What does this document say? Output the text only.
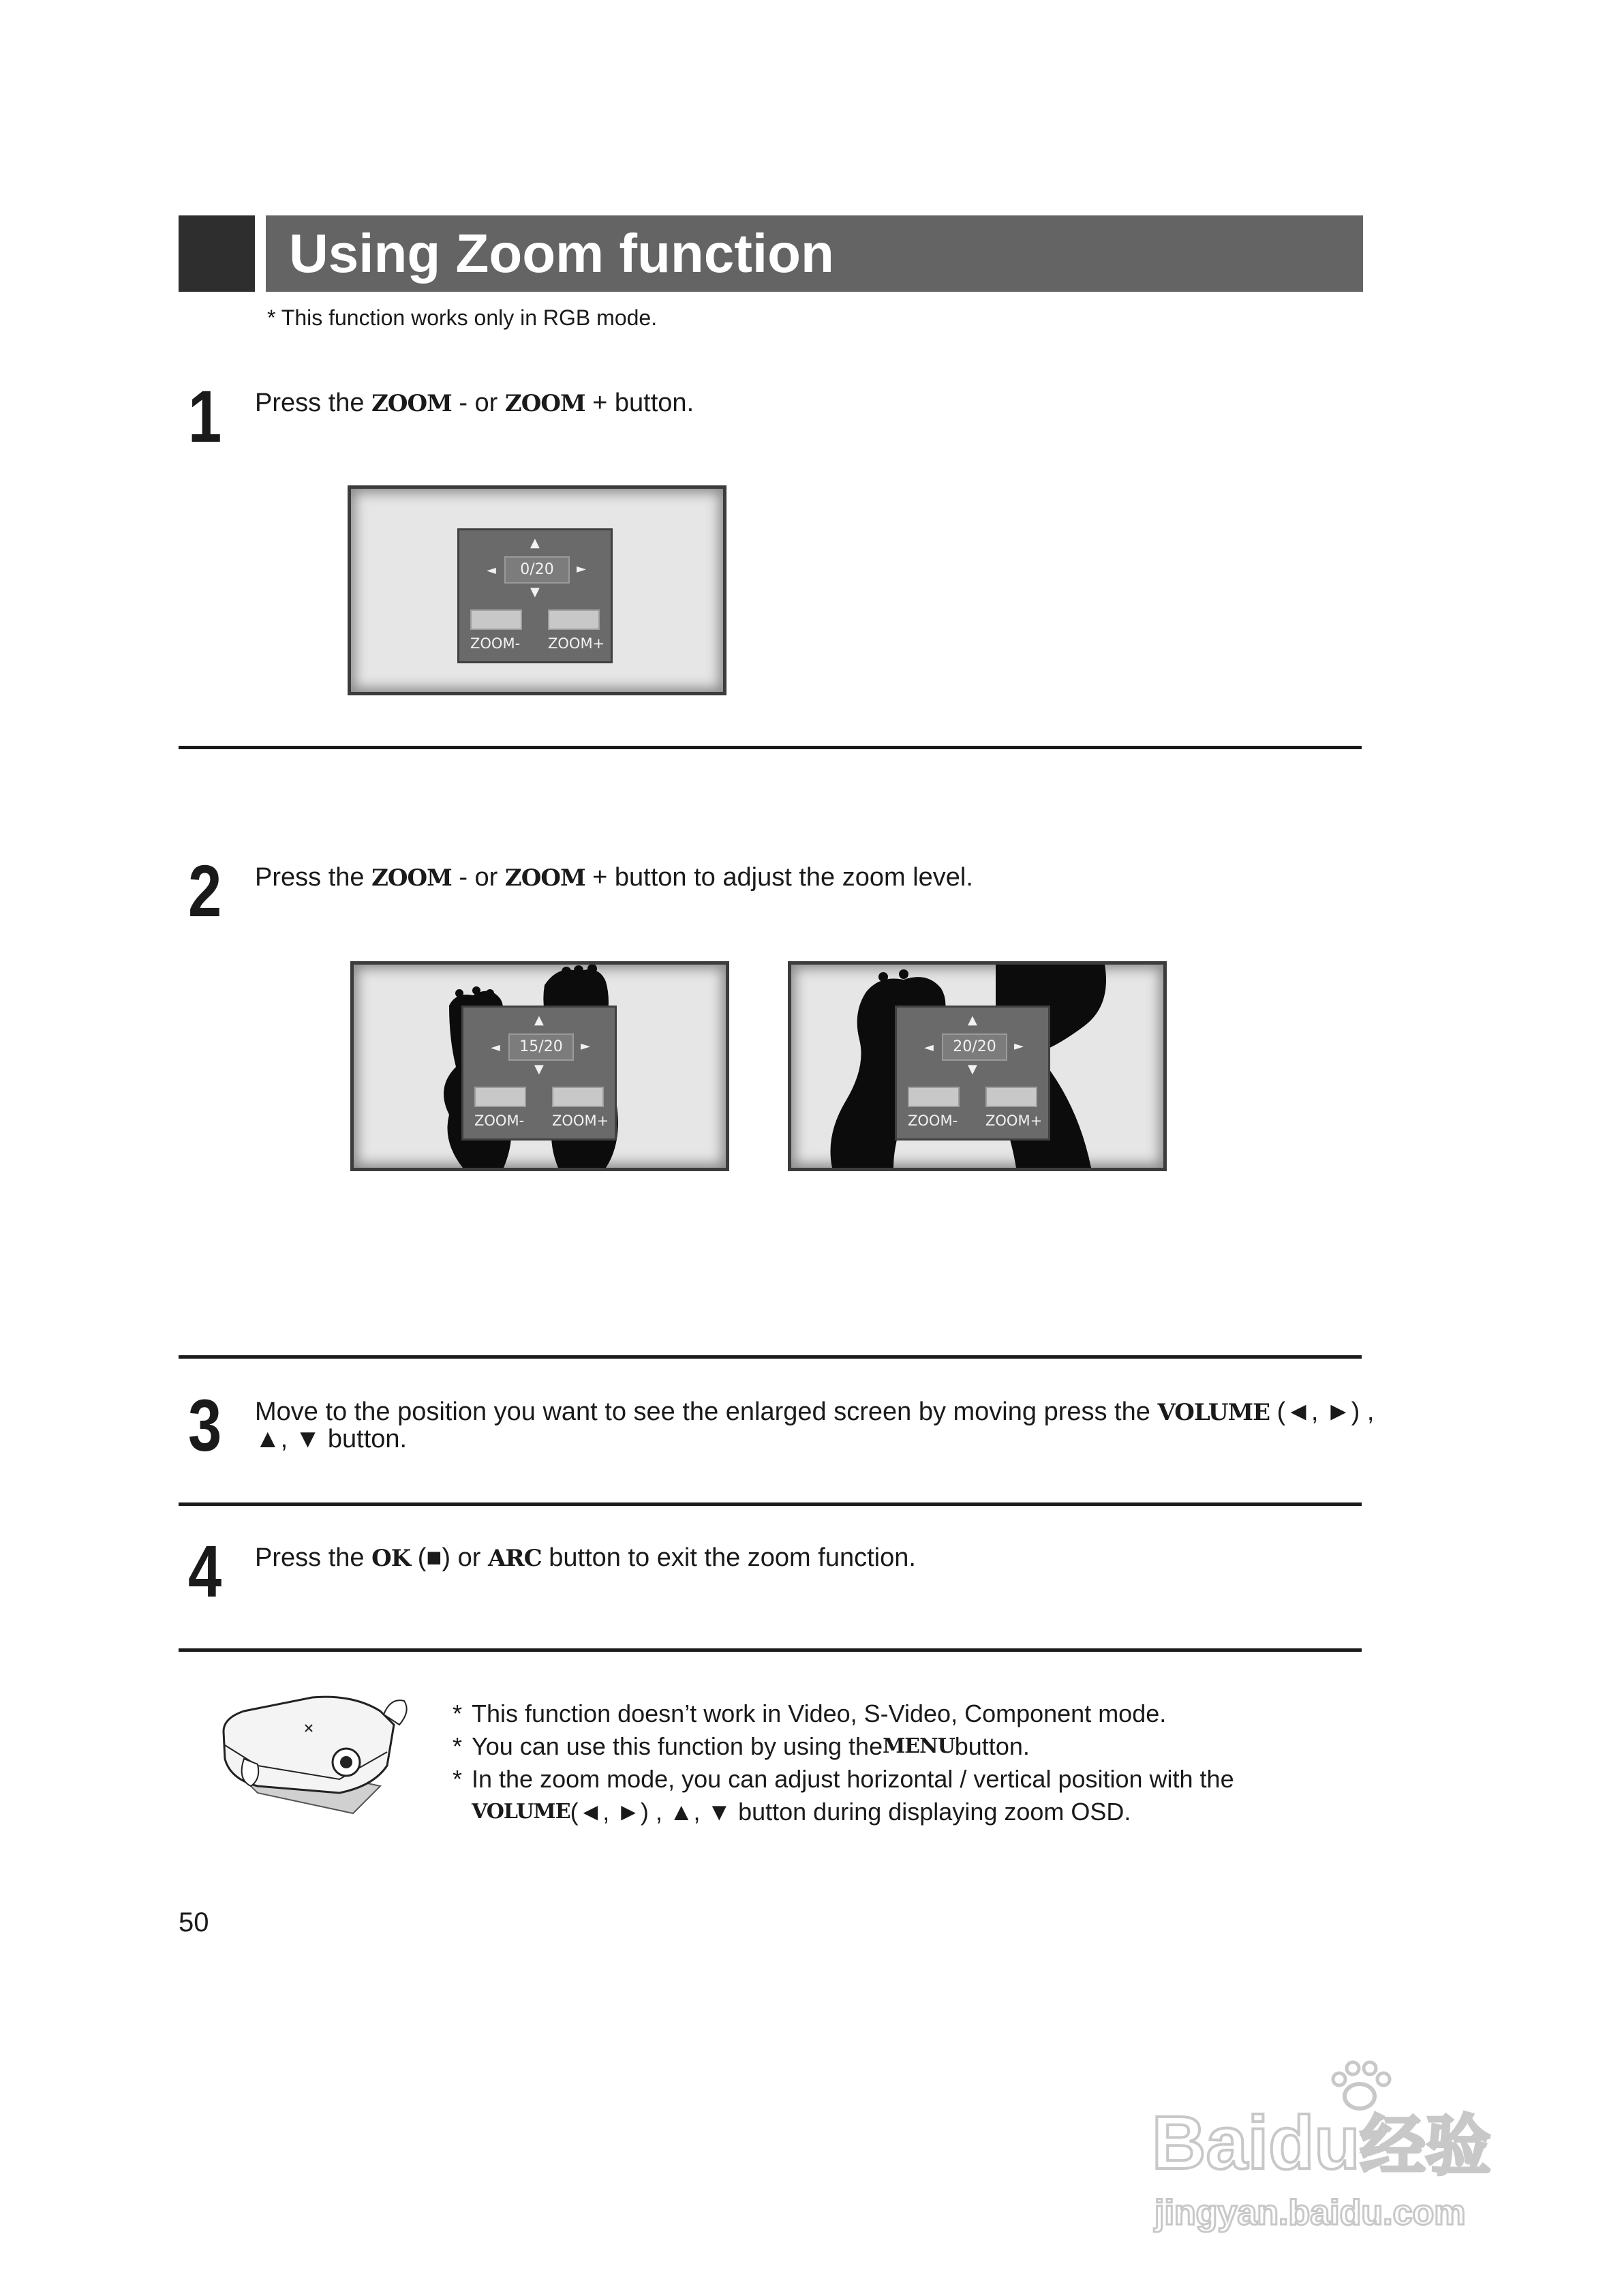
Using Zoom function
* This function works only in RGB mode.
1 Press the ZOOM - or ZOOM + button.
▲
◄	0/20	►
▼
ZOOM- ZOOM+
2 Press the ZOOM - or ZOOM + button to adjust the zoom level.
▲
◄	15/20	►
▼
ZOOM- ZOOM+
▲
◄	20/20	►
▼
ZOOM- ZOOM+
3 Move to the position you want to see the enlarged screen by moving press the VOLUME (◄, ►) ,
▲, ▼ button.
4 Press the OK (■) or ARC button to exit the zoom function.
* This function doesn’t work in Video, S-Video, Component mode.
* You can use this function by using the MENU button.
* In the zoom mode, you can adjust horizontal / vertical position with the
VOLUME (◄, ►) , ▲, ▼ button during displaying zoom OSD.
50
Baidu经验
jingyan.baidu.com
